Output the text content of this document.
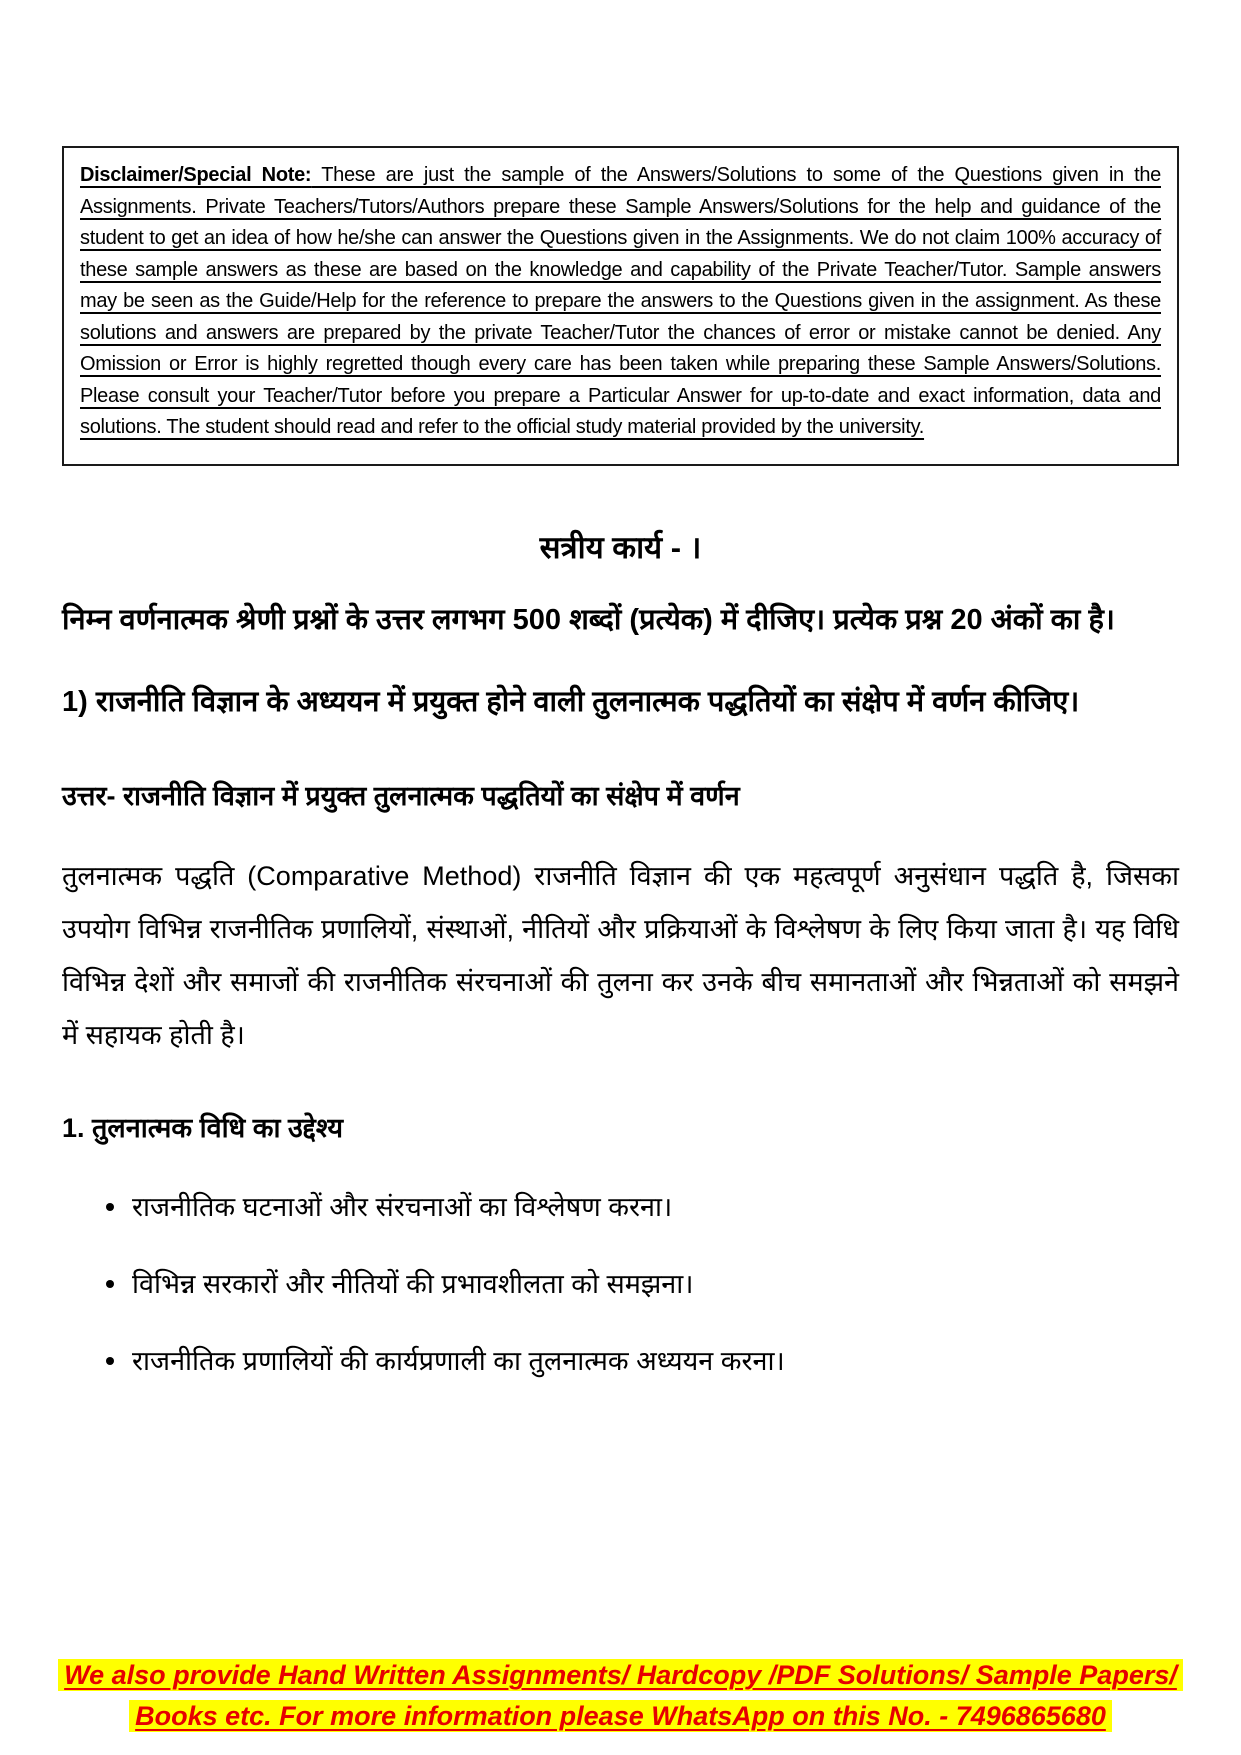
Disclaimer/Special Note: These are just the sample of the Answers/Solutions to some of the Questions given in the Assignments. Private Teachers/Tutors/Authors prepare these Sample Answers/Solutions for the help and guidance of the student to get an idea of how he/she can answer the Questions given in the Assignments. We do not claim 100% accuracy of these sample answers as these are based on the knowledge and capability of the Private Teacher/Tutor. Sample answers may be seen as the Guide/Help for the reference to prepare the answers to the Questions given in the assignment. As these solutions and answers are prepared by the private Teacher/Tutor the chances of error or mistake cannot be denied. Any Omission or Error is highly regretted though every care has been taken while preparing these Sample Answers/Solutions. Please consult your Teacher/Tutor before you prepare a Particular Answer for up-to-date and exact information, data and solutions. The student should read and refer to the official study material provided by the university.

सत्रीय कार्य - ।

निम्न वर्णनात्मक श्रेणी प्रश्नों के उत्तर लगभग 500 शब्दों (प्रत्येक) में दीजिए। प्रत्येक प्रश्न 20 अंकों का है।

1) राजनीति विज्ञान के अध्ययन में प्रयुक्त होने वाली तुलनात्मक पद्धतियों का संक्षेप में वर्णन कीजिए।

उत्तर- राजनीति विज्ञान में प्रयुक्त तुलनात्मक पद्धतियों का संक्षेप में वर्णन

तुलनात्मक पद्धति (Comparative Method) राजनीति विज्ञान की एक महत्वपूर्ण अनुसंधान पद्धति है, जिसका उपयोग विभिन्न राजनीतिक प्रणालियों, संस्थाओं, नीतियों और प्रक्रियाओं के विश्लेषण के लिए किया जाता है। यह विधि विभिन्न देशों और समाजों की राजनीतिक संरचनाओं की तुलना कर उनके बीच समानताओं और भिन्नताओं को समझने में सहायक होती है।

1. तुलनात्मक विधि का उद्देश्य
राजनीतिक घटनाओं और संरचनाओं का विश्लेषण करना।
विभिन्न सरकारों और नीतियों की प्रभावशीलता को समझना।
राजनीतिक प्रणालियों की कार्यप्रणाली का तुलनात्मक अध्ययन करना।
We also provide Hand Written Assignments/ Hardcopy /PDF Solutions/ Sample Papers/
Books etc. For more information please WhatsApp on this No. - 7496865680
